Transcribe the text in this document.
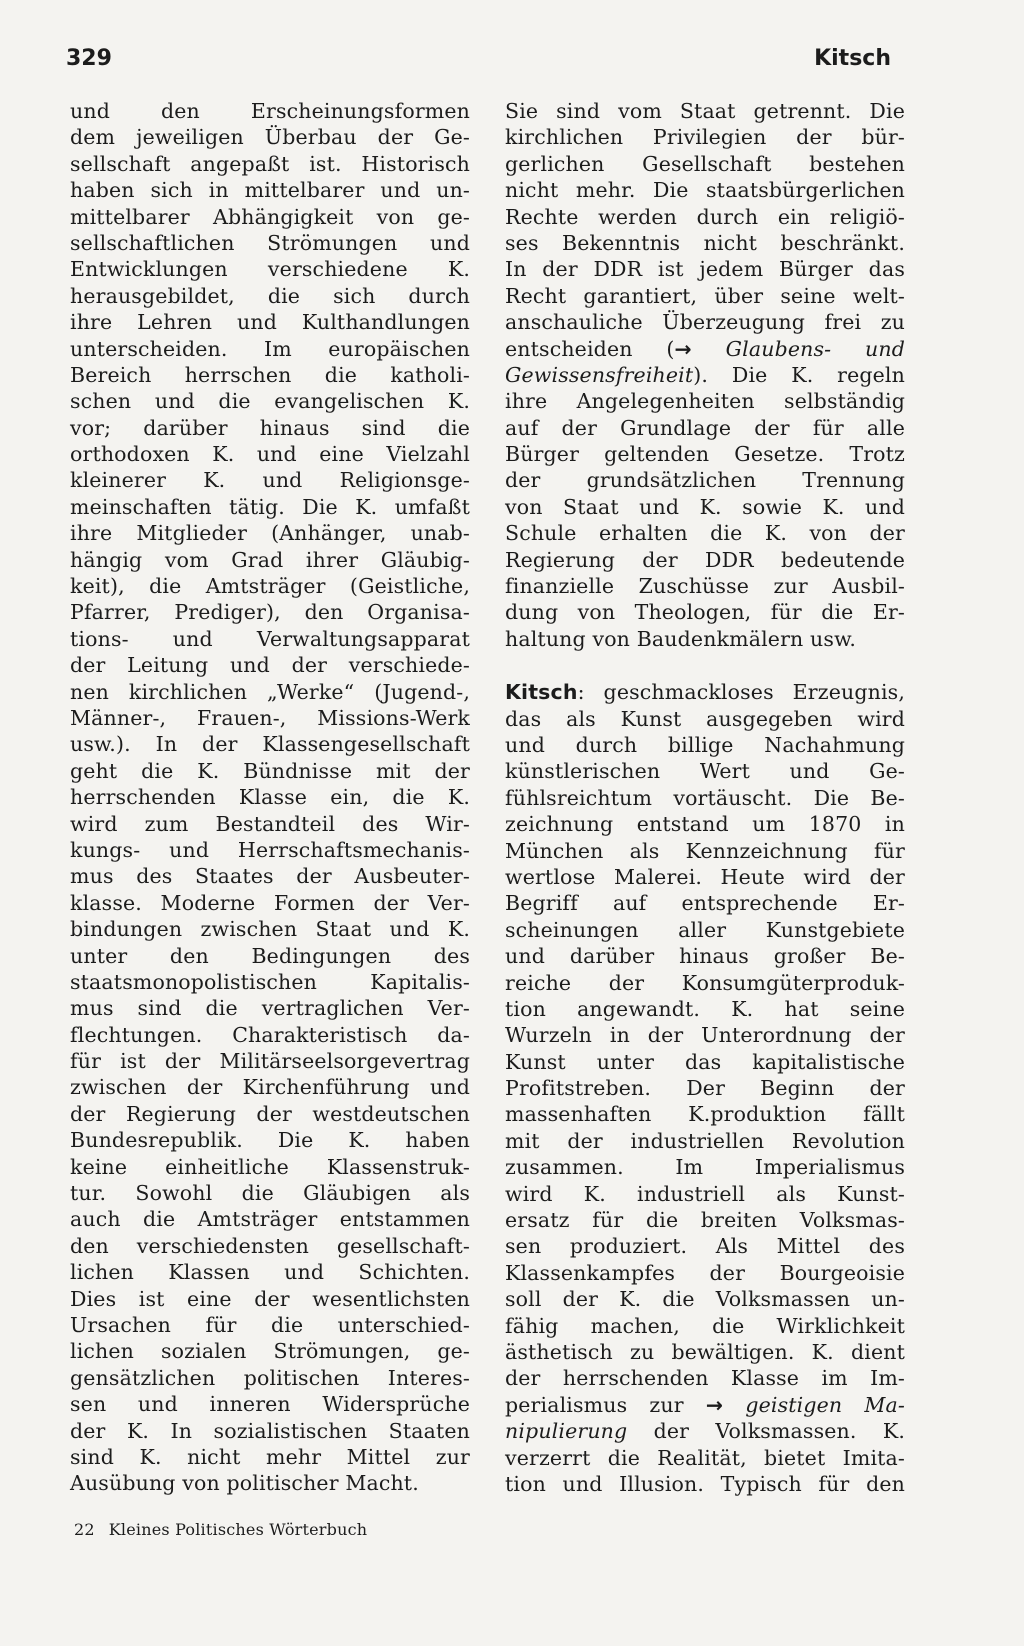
329	Kitsch
und den Erscheinungsformen
dem jeweiligen Überbau der Ge-
sellschaft angepaßt ist. Historisch
haben sich in mittelbarer und un-
mittelbarer Abhängigkeit von ge-
sellschaftlichen Strömungen und
Entwicklungen verschiedene K.
herausgebildet, die sich durch
ihre Lehren und Kulthandlungen
unterscheiden. Im europäischen
Bereich herrschen die katholi-
schen und die evangelischen K.
vor; darüber hinaus sind die
orthodoxen K. und eine Vielzahl
kleinerer K. und Religionsge-
meinschaften tätig. Die K. umfaßt
ihre Mitglieder (Anhänger, unab-
hängig vom Grad ihrer Gläubig-
keit), die Amtsträger (Geistliche,
Pfarrer, Prediger), den Organisa-
tions- und Verwaltungsapparat
der Leitung und der verschiede-
nen kirchlichen „Werke“ (Jugend-,
Männer-, Frauen-, Missions-Werk
usw.). In der Klassengesellschaft
geht die K. Bündnisse mit der
herrschenden Klasse ein, die K.
wird zum Bestandteil des Wir-
kungs- und Herrschaftsmechanis-
mus des Staates der Ausbeuter-
klasse. Moderne Formen der Ver-
bindungen zwischen Staat und K.
unter den Bedingungen des
staatsmonopolistischen Kapitalis-
mus sind die vertraglichen Ver-
flechtungen. Charakteristisch da-
für ist der Militärseelsorgevertrag
zwischen der Kirchenführung und
der Regierung der westdeutschen
Bundesrepublik. Die K. haben
keine einheitliche Klassenstruk-
tur. Sowohl die Gläubigen als
auch die Amtsträger entstammen
den verschiedensten gesellschaft-
lichen Klassen und Schichten.
Dies ist eine der wesentlichsten
Ursachen für die unterschied-
lichen sozialen Strömungen, ge-
gensätzlichen politischen Interes-
sen und inneren Widersprüche
der K. In sozialistischen Staaten
sind K. nicht mehr Mittel zur
Ausübung von politischer Macht.
Sie sind vom Staat getrennt. Die
kirchlichen Privilegien der bür-
gerlichen Gesellschaft bestehen
nicht mehr. Die staatsbürgerlichen
Rechte werden durch ein religiö-
ses Bekenntnis nicht beschränkt.
In der DDR ist jedem Bürger das
Recht garantiert, über seine welt-
anschauliche Überzeugung frei zu
entscheiden (→ Glaubens- und
Gewissensfreiheit). Die K. regeln
ihre Angelegenheiten selbständig
auf der Grundlage der für alle
Bürger geltenden Gesetze. Trotz
der grundsätzlichen Trennung
von Staat und K. sowie K. und
Schule erhalten die K. von der
Regierung der DDR bedeutende
finanzielle Zuschüsse zur Ausbil-
dung von Theologen, für die Er-
haltung von Baudenkmälern usw.
Kitsch: geschmackloses Erzeugnis,
das als Kunst ausgegeben wird
und durch billige Nachahmung
künstlerischen Wert und Ge-
fühlsreichtum vortäuscht. Die Be-
zeichnung entstand um 1870 in
München als Kennzeichnung für
wertlose Malerei. Heute wird der
Begriff auf entsprechende Er-
scheinungen aller Kunstgebiete
und darüber hinaus großer Be-
reiche der Konsumgüterproduk-
tion angewandt. K. hat seine
Wurzeln in der Unterordnung der
Kunst unter das kapitalistische
Profitstreben. Der Beginn der
massenhaften K.produktion fällt
mit der industriellen Revolution
zusammen. Im Imperialismus
wird K. industriell als Kunst-
ersatz für die breiten Volksmas-
sen produziert. Als Mittel des
Klassenkampfes der Bourgeoisie
soll der K. die Volksmassen un-
fähig machen, die Wirklichkeit
ästhetisch zu bewältigen. K. dient
der herrschenden Klasse im Im-
perialismus zur → geistigen Ma-
nipulierung der Volksmassen. K.
verzerrt die Realität, bietet Imita-
tion und Illusion. Typisch für den
22 Kleines Politisches Wörterbuch
